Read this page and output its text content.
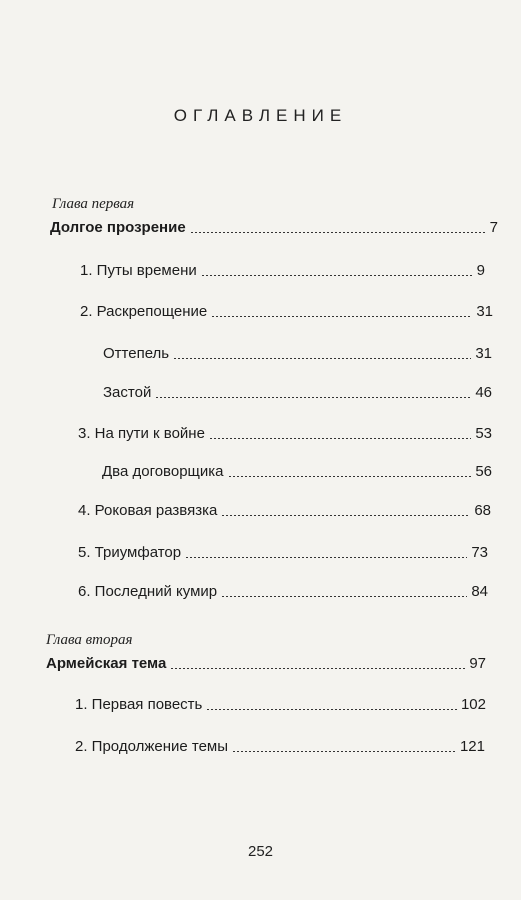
ОГЛАВЛЕНИЕ
Глава первая
Долгое прозрение	7
1. Путы времени	9
2. Раскрепощение	31
Оттепель	31
Застой	46
3. На пути к войне	53
Два договорщика	56
4. Роковая развязка	68
5. Триумфатор	73
6. Последний кумир	84
Глава вторая
Армейская тема	97
1. Первая повесть	102
2. Продолжение темы	121
252
